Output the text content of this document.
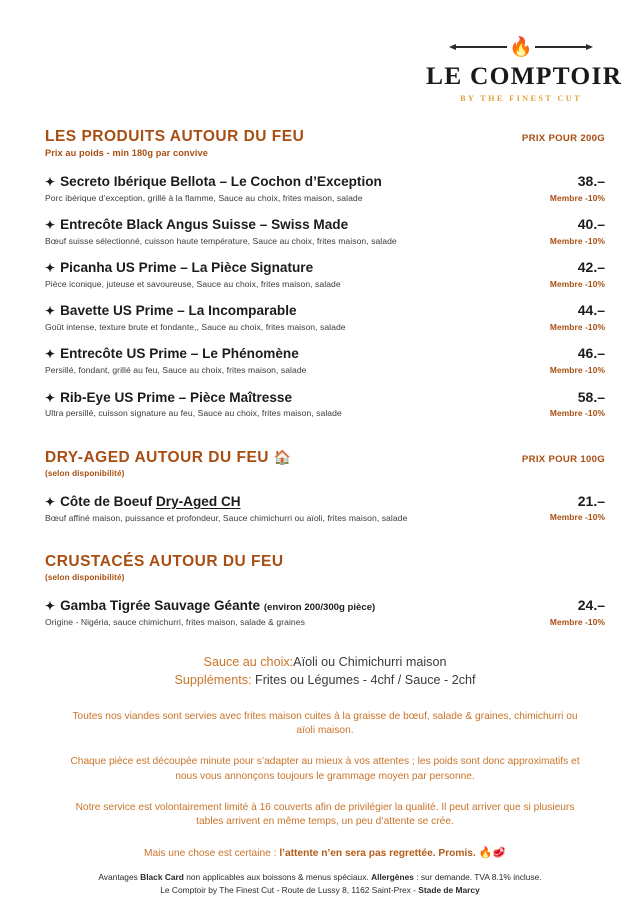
🔥
LE COMPTOIR
BY THE FINEST CUT
LES PRODUITS AUTOUR DU FEU
Prix au poids - min 180g par convive
PRIX POUR 200G
✦ Secreto Ibérique Bellota – Le Cochon d’Exception
Porc ibérique d’exception, grillé à la flamme, Sauce au choix, frites maison, salade
38.–
Membre -10%
✦ Entrecôte Black Angus Suisse – Swiss Made
Bœuf suisse sélectionné, cuisson haute température, Sauce au choix, frites maison, salade
40.–
Membre -10%
✦ Picanha US Prime – La Pièce Signature
Pièce iconique, juteuse et savoureuse, Sauce au choix, frites maison, salade
42.–
Membre -10%
✦ Bavette US Prime – La Incomparable
Goût intense, texture brute et fondante,, Sauce au choix, frites maison, salade
44.–
Membre -10%
✦ Entrecôte US Prime – Le Phénomène
Persillé, fondant, grillé au feu, Sauce au choix, frites maison, salade
46.–
Membre -10%
✦ Rib-Eye US Prime – Pièce Maîtresse
Ultra persillé, cuisson signature au feu, Sauce au choix, frites maison, salade
58.–
Membre -10%
DRY-AGED AUTOUR DU FEU 🏠
(selon disponibilité)
PRIX POUR 100G
✦ Côte de Boeuf Dry-Aged CH
Bœuf affiné maison, puissance et profondeur, Sauce chimichurri ou aïoli, frites maison, salade
21.–
Membre -10%
CRUSTACÉS AUTOUR DU FEU
(selon disponibilité)
✦ Gamba Tigrée Sauvage Géante (environ 200/300g pièce)
Origine - Nigéria, sauce chimichurri, frites maison, salade & graines
24.–
Membre -10%
Sauce au choix:Aïoli ou Chimichurri maison
Suppléments: Frites ou Légumes - 4chf / Sauce - 2chf
Toutes nos viandes sont servies avec frites maison cuites à la graisse de bœuf, salade & graines, chimichurri ou aïoli maison.
Chaque pièce est découpée minute pour s’adapter au mieux à vos attentes ; les poids sont donc approximatifs et nous vous annonçons toujours le grammage moyen par personne.
Notre service est volontairement limité à 16 couverts afin de privilégier la qualité. Il peut arriver que si plusieurs tables arrivent en même temps, un peu d’attente se crée.
Mais une chose est certaine : l’attente n’en sera pas regrettée. Promis. 🔥🥩
Avantages Black Card non applicables aux boissons & menus spéciaux. Allergènes : sur demande. TVA 8.1% incluse.
Le Comptoir by The Finest Cut - Route de Lussy 8, 1162 Saint-Prex - Stade de Marcy
